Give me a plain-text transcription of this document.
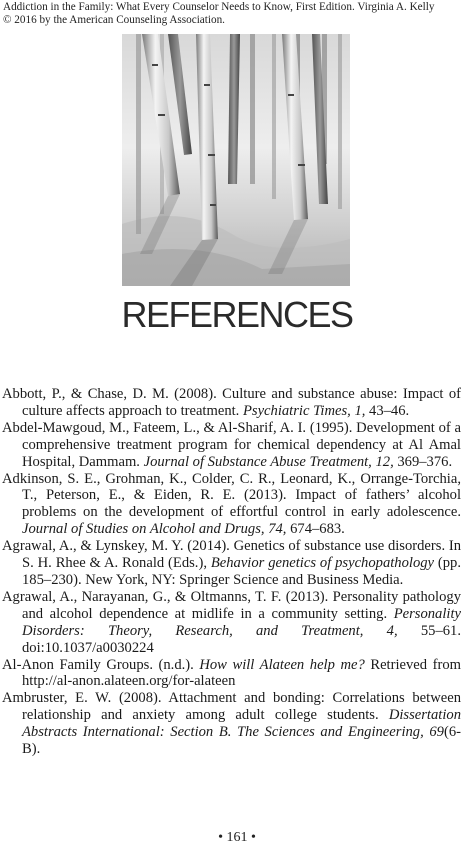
Addiction in the Family: What Every Counselor Needs to Know, First Edition. Virginia A. Kelly
© 2016 by the American Counseling Association.
REFERENCES

Abbott, P., & Chase, D. M. (2008). Culture and substance abuse: Impact of culture affects approach to treatment. Psychiatric Times, 1, 43–46.

Abdel-Mawgoud, M., Fateem, L., & Al-Sharif, A. I. (1995). Development of a comprehensive treatment program for chemical dependency at Al Amal Hospital, Dammam. Journal of Substance Abuse Treatment, 12, 369–376.

Adkinson, S. E., Grohman, K., Colder, C. R., Leonard, K., Orrange-Torchia, T., Peterson, E., & Eiden, R. E. (2013). Impact of fathers’ alcohol problems on the development of effortful control in early adolescence. Journal of Studies on Alcohol and Drugs, 74, 674–683.

Agrawal, A., & Lynskey, M. Y. (2014). Genetics of substance use disorders. In S. H. Rhee & A. Ronald (Eds.), Behavior genetics of psychopathology (pp. 185–230). New York, NY: Springer Science and Business Media.

Agrawal, A., Narayanan, G., & Oltmanns, T. F. (2013). Personality pathology and alcohol dependence at midlife in a community setting. Personality Disorders: Theory, Research, and Treatment, 4, 55–61. doi:10.1037/a0030224

Al-Anon Family Groups. (n.d.). How will Alateen help me? Retrieved from http://al-anon.alateen.org/for-alateen

Ambruster, E. W. (2008). Attachment and bonding: Correlations between relationship and anxiety among adult college students. Dissertation Abstracts International: Section B. The Sciences and Engineering, 69(6-B).

• 161 •
